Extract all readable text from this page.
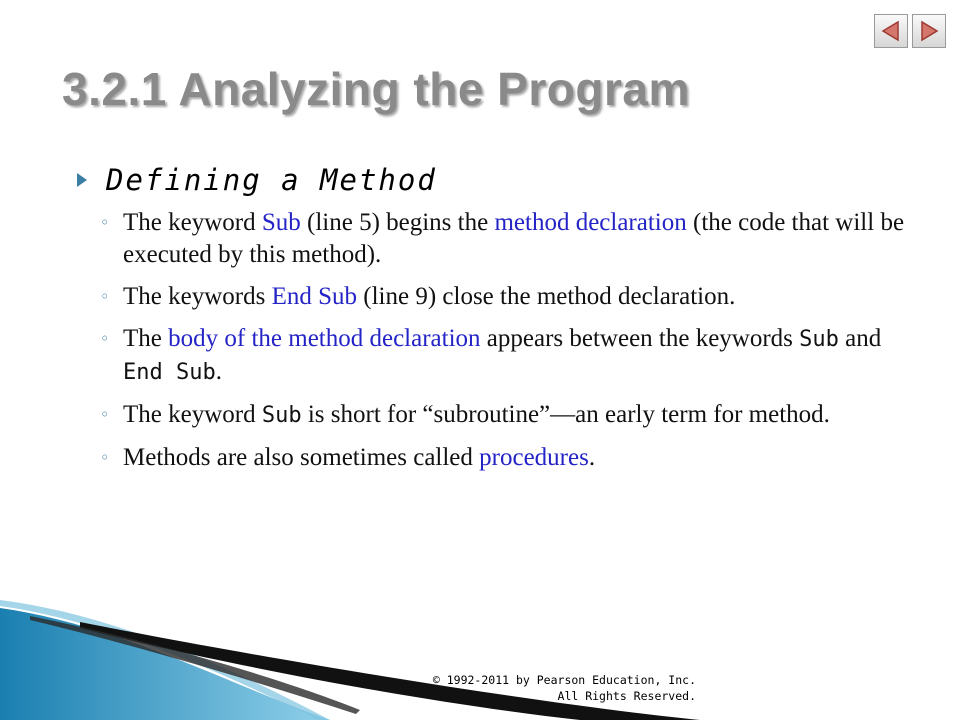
3.2.1 Analyzing the Program
Defining a Method
◦ The keyword Sub (line 5) begins the method declaration (the code that will be executed by this method).
◦ The keywords End Sub (line 9) close the method declaration.
◦ The body of the method declaration appears between the keywords Sub and End Sub.
◦ The keyword Sub is short for “subroutine”—an early term for method.
◦ Methods are also sometimes called procedures.
© 1992-2011 by Pearson Education, Inc.
All Rights Reserved.
